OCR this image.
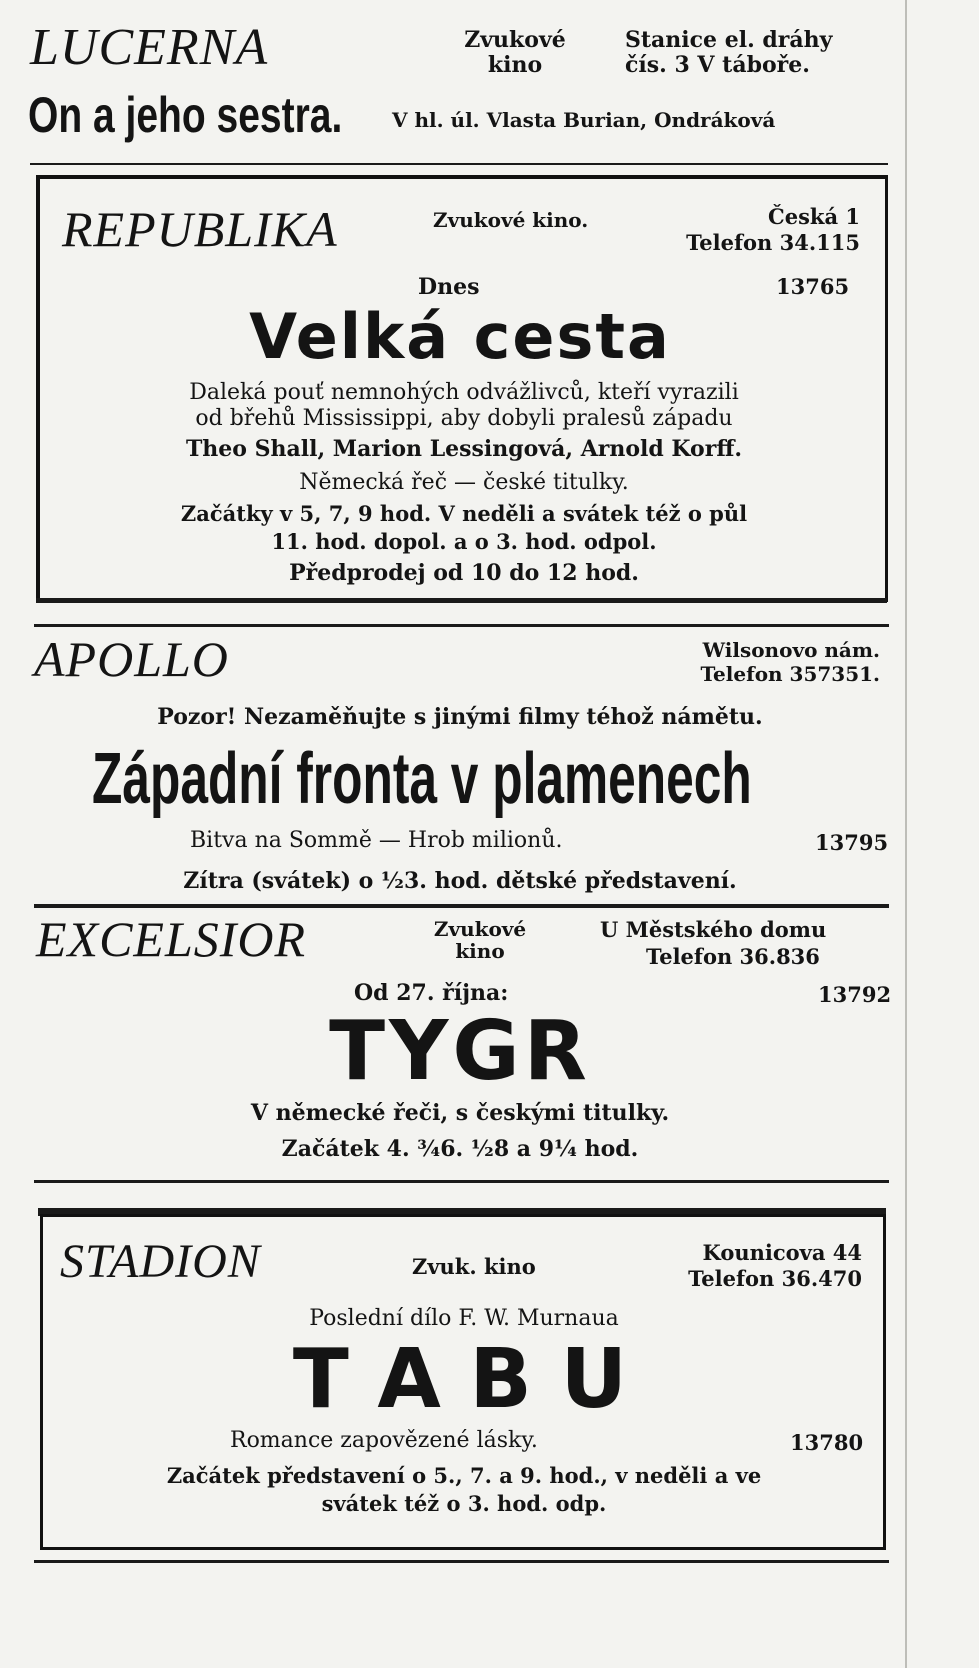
LUCERNA	Zvukové
kino
Stanice el. dráhy
čís. 3 V táboře.
On a jeho sestra. V hl. úl. Vlasta Burian, Ondráková
REPUBLIKA	Zvukové kino.	Česká 1
Telefon 34.115
Dnes	13765
Velká cesta
Daleká pouť nemnohých odvážlivců, kteří vyrazili
od břehů Mississippi, aby dobyli pralesů západu
Theo Shall, Marion Lessingová, Arnold Korff.
Německá řeč — české titulky.
Začátky v 5, 7, 9 hod. V neděli a svátek též o půl
11. hod. dopol. a o 3. hod. odpol.
Předprodej od 10 do 12 hod.
APOLLO	Wilsonovo nám.
Telefon 357351.
Pozor! Nezaměňujte s jinými filmy téhož námětu.
Západní fronta v plamenech
Bitva na Sommě — Hrob milionů.	13795
Zítra (svátek) o ½3. hod. dětské představení.
EXCELSIOR	Zvukové
kino
U Městského domu
Telefon 36.836
Od 27. října:	13792
TYGR
V německé řeči, s českými titulky.
Začátek 4. ¾6. ½8 a 9¼ hod.
STADION	Zvuk. kino
Kounicova 44
Telefon 36.470
Poslední dílo F. W. Murnaua
T A B U
Romance zapovězené lásky.	13780
Začátek představení o 5., 7. a 9. hod., v neděli a ve
svátek též o 3. hod. odp.
